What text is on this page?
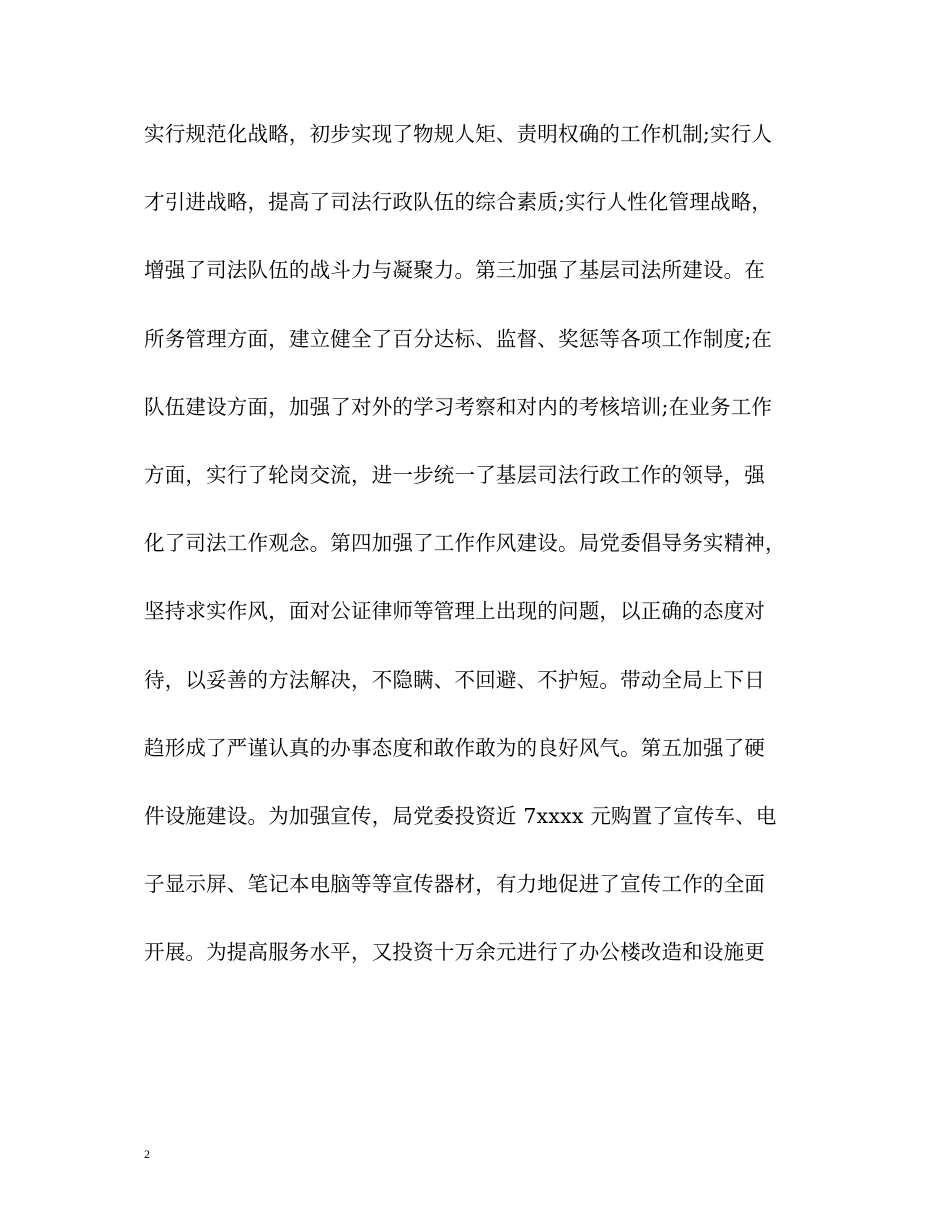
实行规范化战略，初步实现了物规人矩、责明权确的工作机制;实行人
才引进战略，提高了司法行政队伍的综合素质;实行人性化管理战略，
增强了司法队伍的战斗力与凝聚力。第三加强了基层司法所建设。在
所务管理方面，建立健全了百分达标、监督、奖惩等各项工作制度;在
队伍建设方面，加强了对外的学习考察和对内的考核培训;在业务工作
方面，实行了轮岗交流，进一步统一了基层司法行政工作的领导，强
化了司法工作观念。第四加强了工作作风建设。局党委倡导务实精神，
坚持求实作风，面对公证律师等管理上出现的问题，以正确的态度对
待，以妥善的方法解决，不隐瞒、不回避、不护短。带动全局上下日
趋形成了严谨认真的办事态度和敢作敢为的良好风气。第五加强了硬
件设施建设。为加强宣传，局党委投资近 7xxxx 元购置了宣传车、电
子显示屏、笔记本电脑等等宣传器材，有力地促进了宣传工作的全面
开展。为提高服务水平，又投资十万余元进行了办公楼改造和设施更
2
